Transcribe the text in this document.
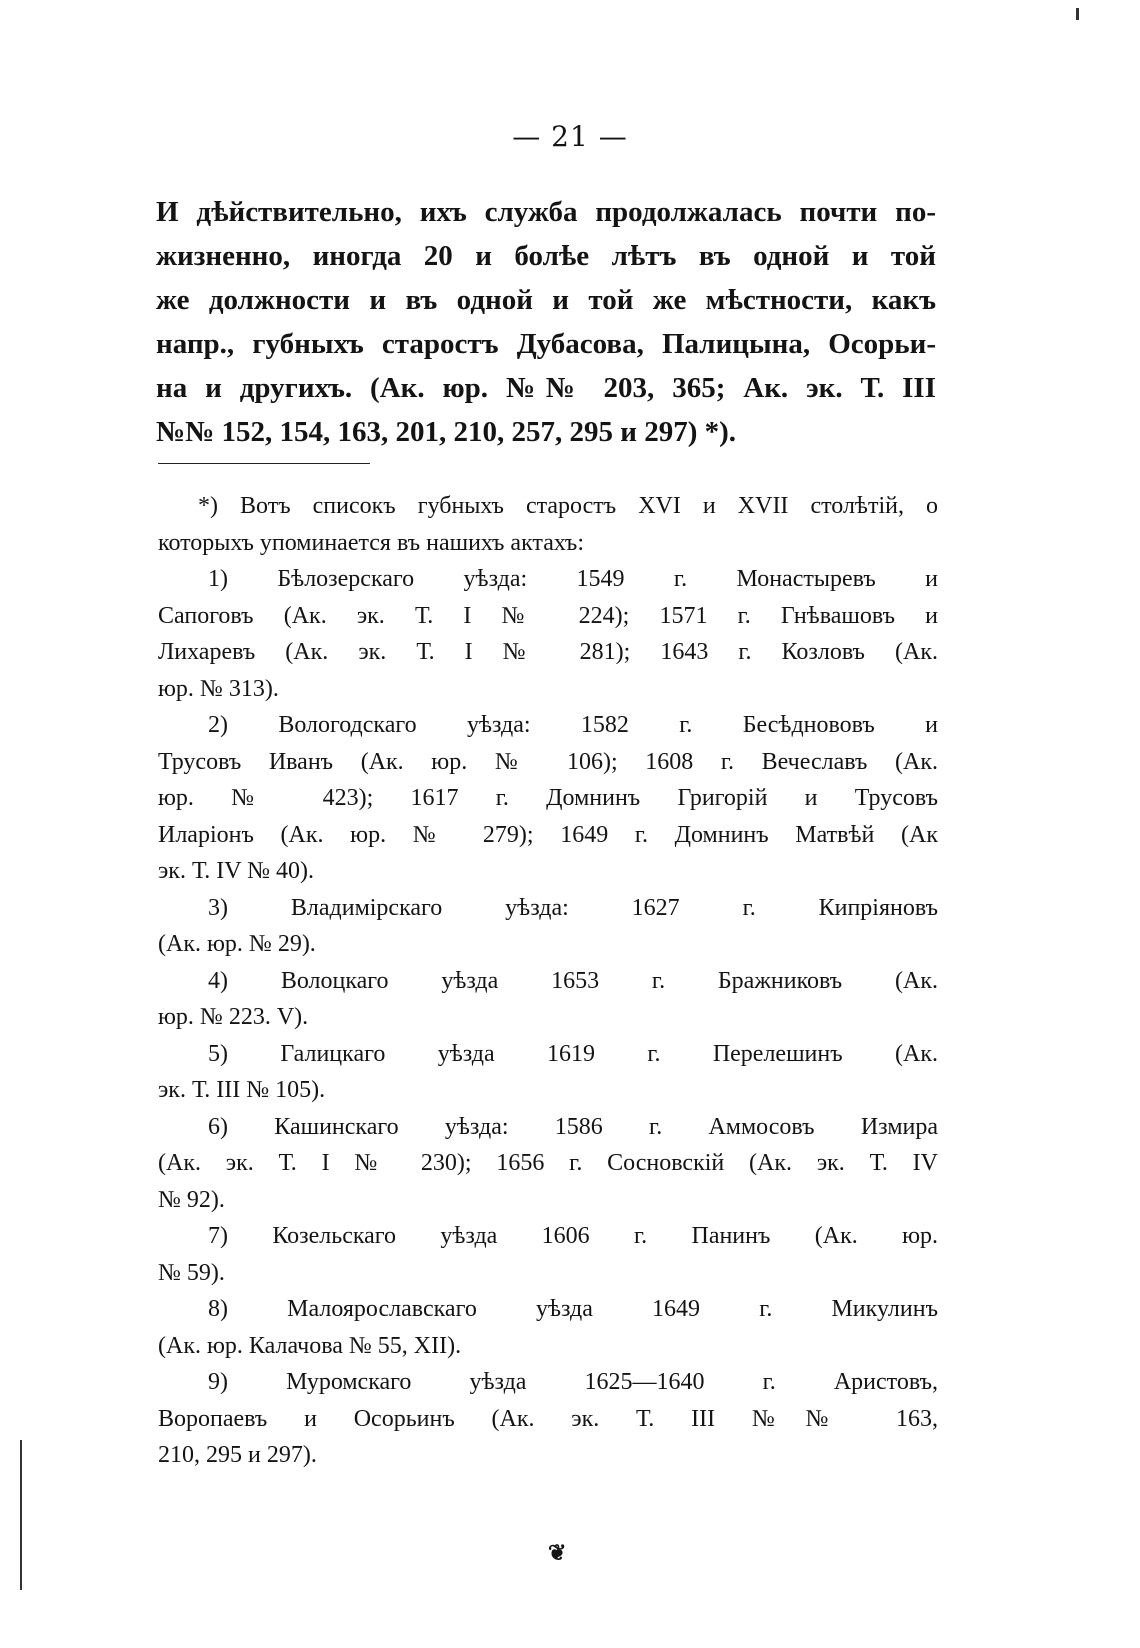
— 21 —
И дѣйствительно, ихъ служба продолжалась почти по-
жизненно, иногда 20 и болѣе лѣтъ въ одной и той
же должности и въ одной и той же мѣстности, какъ
напр., губныхъ старостъ Дубасова, Палицына, Осорьи-
на и другихъ. (Ак. юр. №№ 203, 365; Ак. эк. Т. III
№№ 152, 154, 163, 201, 210, 257, 295 и 297) *).
*) Вотъ списокъ губныхъ старостъ XVI и XVII столѣтій, о
которыхъ упоминается въ нашихъ актахъ:
1) Бѣлозерскаго уѣзда: 1549 г. Монастыревъ и
Сапоговъ (Ак. эк. Т. I № 224); 1571 г. Гнѣвашовъ и
Лихаревъ (Ак. эк. Т. I № 281); 1643 г. Козловъ (Ак.
юр. № 313).
2) Вологодскаго уѣзда: 1582 г. Бесѣднововъ и
Трусовъ Иванъ (Ак. юр. № 106); 1608 г. Вечеславъ (Ак.
юр. № 423); 1617 г. Домнинъ Григорій и Трусовъ
Иларіонъ (Ак. юр. № 279); 1649 г. Домнинъ Матвѣй (Ак
эк. Т. IV № 40).
3) Владимірскаго уѣзда: 1627 г. Кипріяновъ
(Ак. юр. № 29).
4) Волоцкаго уѣзда 1653 г. Бражниковъ (Ак.
юр. № 223. V).
5) Галицкаго уѣзда 1619 г. Перелешинъ (Ак.
эк. Т. III № 105).
6) Кашинскаго уѣзда: 1586 г. Аммосовъ Измира
(Ак. эк. Т. I № 230); 1656 г. Сосновскій (Ак. эк. Т. IV
№ 92).
7) Козельскаго уѣзда 1606 г. Панинъ (Ак. юр.
№ 59).
8) Малоярославскаго уѣзда 1649 г. Микулинъ
(Ак. юр. Калачова № 55, XII).
9) Муромскаго уѣзда 1625—1640 г. Аристовъ,
Воропаевъ и Осорьинъ (Ак. эк. Т. III №№ 163,
210, 295 и 297).
❦
